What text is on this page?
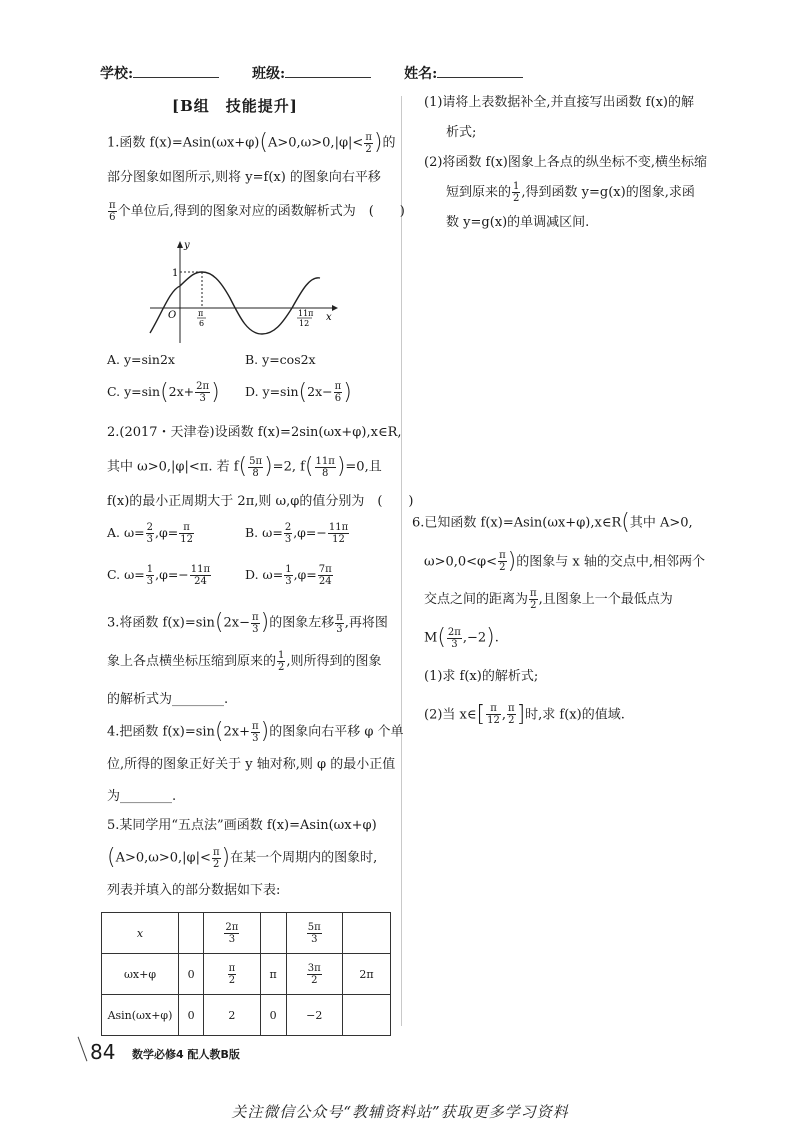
学校:	班级:	姓名:
[B组　技能提升]
1.函数 $f(x)=Asin(\omega x+\varphi)(A>0,\omega>0,|\varphi|< \frac{\pi}{2}$ )的
部分图象如图所示,则将 y=f(x) 的图象向右平移
$\frac{\pi}{6}$ 个单位后,得到的图象对应的函数解析式为　(　　)
y
x
O
1
π
6
11π
12
A. y=sin2x	B. y=cos2x
C. $y=\sin(2x+ \frac{2\pi}{3}$ ) D. $y=\sin(2x- \frac{\pi}{6}$ )
2.(2017・天津卷)设函数 f(x)=2sin(ωx+φ),x∈R,
其中 ω>0,|φ|<π. 若 $f( \frac{5\pi}{8} )=2$, $f( \frac{11\pi}{8} )=0$,且
f(x)的最小正周期大于 2π,则 ω,φ的值分别为　(　　)
A. $\omega= \frac{2}{3} ,\varphi= \frac{\pi}{12}$	B. $\omega= \frac{2}{3} ,\varphi=- \frac{11\pi}{12}$
C. $\omega= \frac{1}{3} ,\varphi=- \frac{11\pi}{24}$	D. $\omega= \frac{1}{3} ,\varphi= \frac{7\pi}{24}$
3.将函数 $f(x)=\sin(2x- \frac{\pi}{3}$ )的图象左移 $\frac{\pi}{3}$ ,再将图
象上各点横坐标压缩到原来的 $\frac{1}{2}$ ,则所得到的图象
的解析式为________.
4.把函数 $f(x)=\sin(2x+ \frac{\pi}{3}$ )的图象向右平移 φ 个单
位,所得的图象正好关于 y 轴对称,则 φ 的最小正值
为________.
5.某同学用“五点法”画函数 f(x)=Asin(ωx+φ)
($A>0,\omega>0,|\varphi|< \frac{\pi}{2}$ )在某一个周期内的图象时,
列表并填入的部分数据如下表:
x		$\frac{2\pi}{3}$		$\frac{5\pi}{3}$

ωx+φ	0	$\frac{\pi}{2}$	π	$\frac{3\pi}{2}$	2π
Asin(ωx+φ)	0	2	0	−2	
(1)请将上表数据补全,并直接写出函数 f(x)的解
析式;
(2)将函数 f(x)图象上各点的纵坐标不变,横坐标缩
短到原来的 $\frac{1}{2}$ ,得到函数 y=g(x)的图象,求函
数 y=g(x)的单调减区间.
6.已知函数 f(x)=Asin(ωx+φ),x∈R(其中 A>0,
$\omega>0,0<\varphi< \frac{\pi}{2}$ )的图象与 x 轴的交点中,相邻两个
交点之间的距离为 $\frac{\pi}{2}$ ,且图象上一个最低点为
$M( \frac{2\pi}{3} ,-2)$.
(1)求 f(x)的解析式;
(2)当 x∈[ $\frac{\pi}{12}$ , $\frac{\pi}{2}$ ]时,求 f(x)的值域.
84 数学必修4 配人教B版
关注微信公众号“教辅资料站”获取更多学习资料
